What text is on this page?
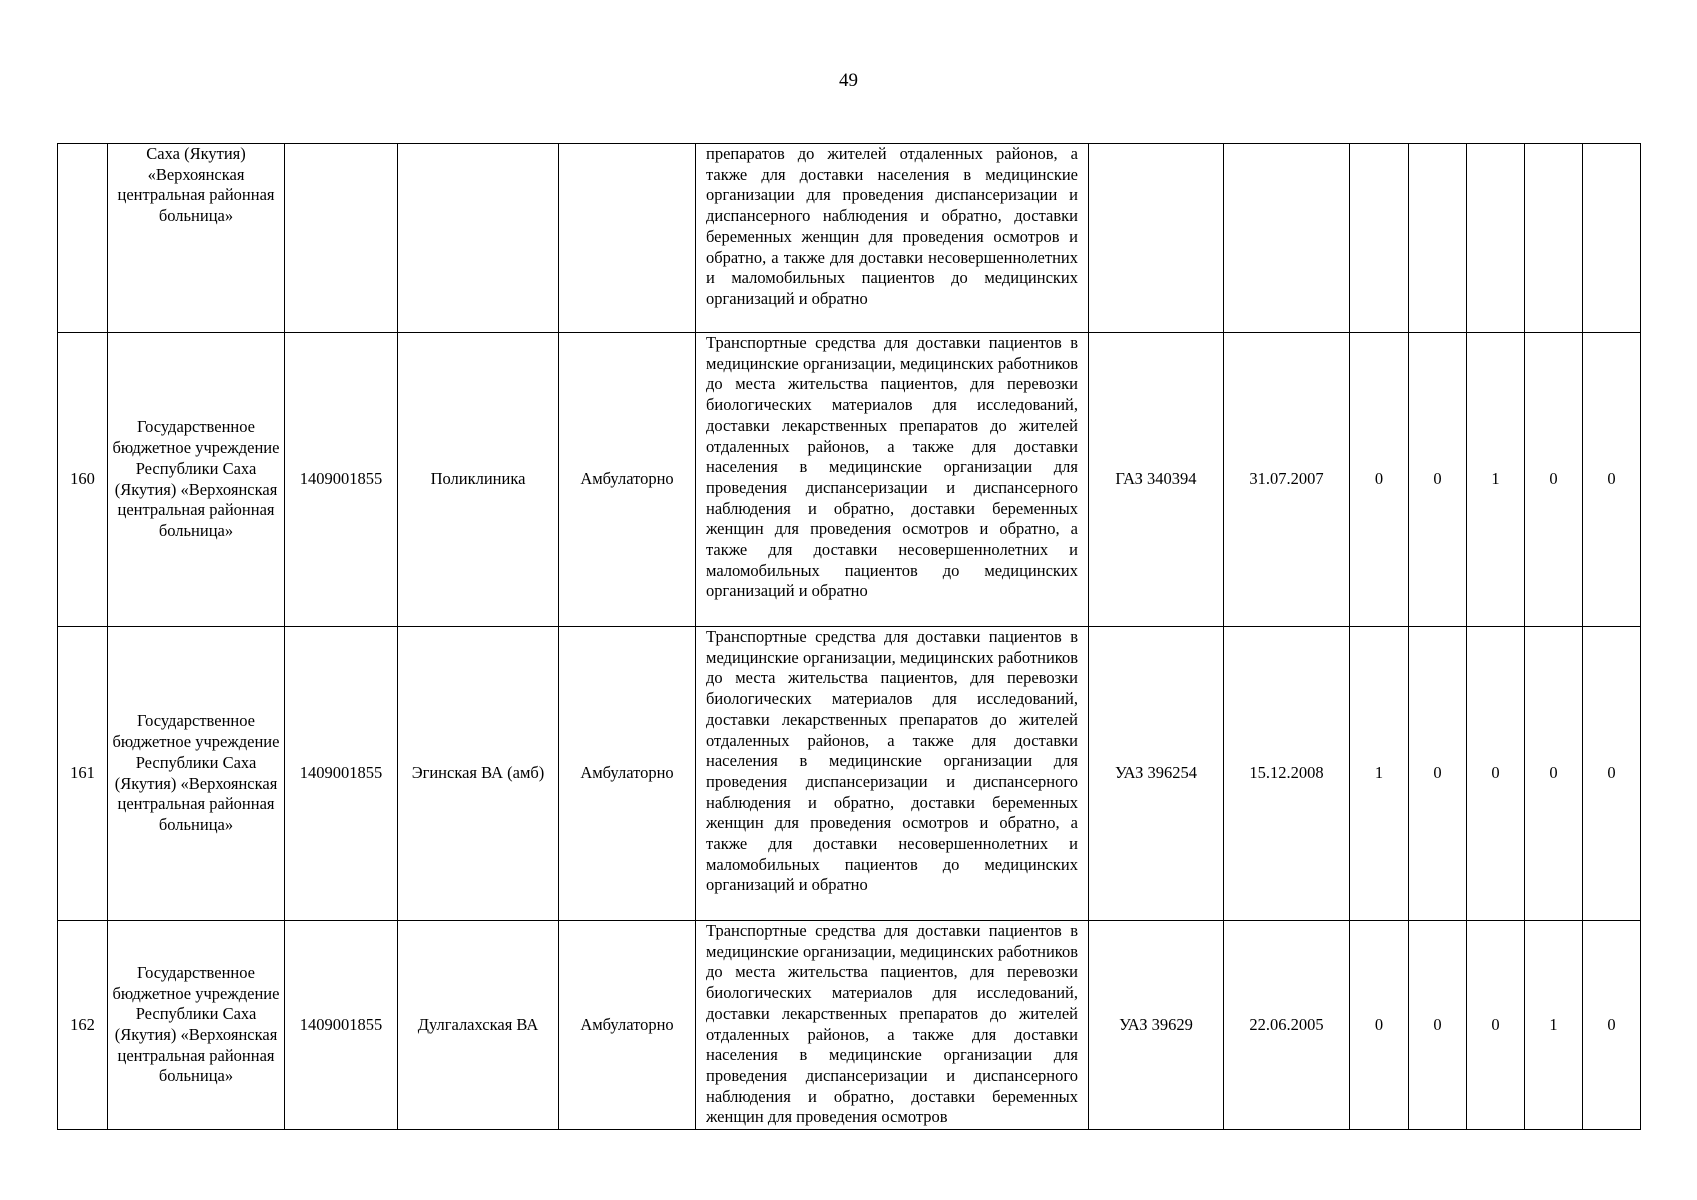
49
	Саха (Якутия) «Верхоянская центральная районная больница»				препаратов до жителей отдаленных районов, а также для доставки населения в медицинские организации для проведения диспансеризации и диспансерного наблюдения и обратно, доставки беременных женщин для проведения осмотров и обратно, а также для доставки несовершеннолетних и маломобильных пациентов до медицинских организаций и обратно							
160	Государственное бюджетное учреждение Республики Саха (Якутия) «Верхоянская центральная районная больница»	1409001855	Поликлиника	Амбулаторно	Транспортные средства для доставки пациентов в медицинские организации, медицинских работников до места жительства пациентов, для перевозки биологических материалов для исследований, доставки лекарственных препаратов до жителей отдаленных районов, а также для доставки населения в медицинские организации для проведения диспансеризации и диспансерного наблюдения и обратно, доставки беременных женщин для проведения осмотров и обратно, а также для доставки несовершеннолетних и маломобильных пациентов до медицинских организаций и обратно	ГАЗ 340394	31.07.2007	0	0	1	0	0
161	Государственное бюджетное учреждение Республики Саха (Якутия) «Верхоянская центральная районная больница»	1409001855	Эгинская ВА (амб)	Амбулаторно	Транспортные средства для доставки пациентов в медицинские организации, медицинских работников до места жительства пациентов, для перевозки биологических материалов для исследований, доставки лекарственных препаратов до жителей отдаленных районов, а также для доставки населения в медицинские организации для проведения диспансеризации и диспансерного наблюдения и обратно, доставки беременных женщин для проведения осмотров и обратно, а также для доставки несовершеннолетних и маломобильных пациентов до медицинских организаций и обратно	УАЗ 396254	15.12.2008	1	0	0	0	0
162	Государственное бюджетное учреждение Республики Саха (Якутия) «Верхоянская центральная районная больница»	1409001855	Дулгалахская ВА	Амбулаторно	Транспортные средства для доставки пациентов в медицинские организации, медицинских работников до места жительства пациентов, для перевозки биологических материалов для исследований, доставки лекарственных препаратов до жителей отдаленных районов, а также для доставки населения в медицинские организации для проведения диспансеризации и диспансерного наблюдения и обратно, доставки беременных женщин для проведения осмотров	УАЗ 39629	22.06.2005	0	0	0	1	0
